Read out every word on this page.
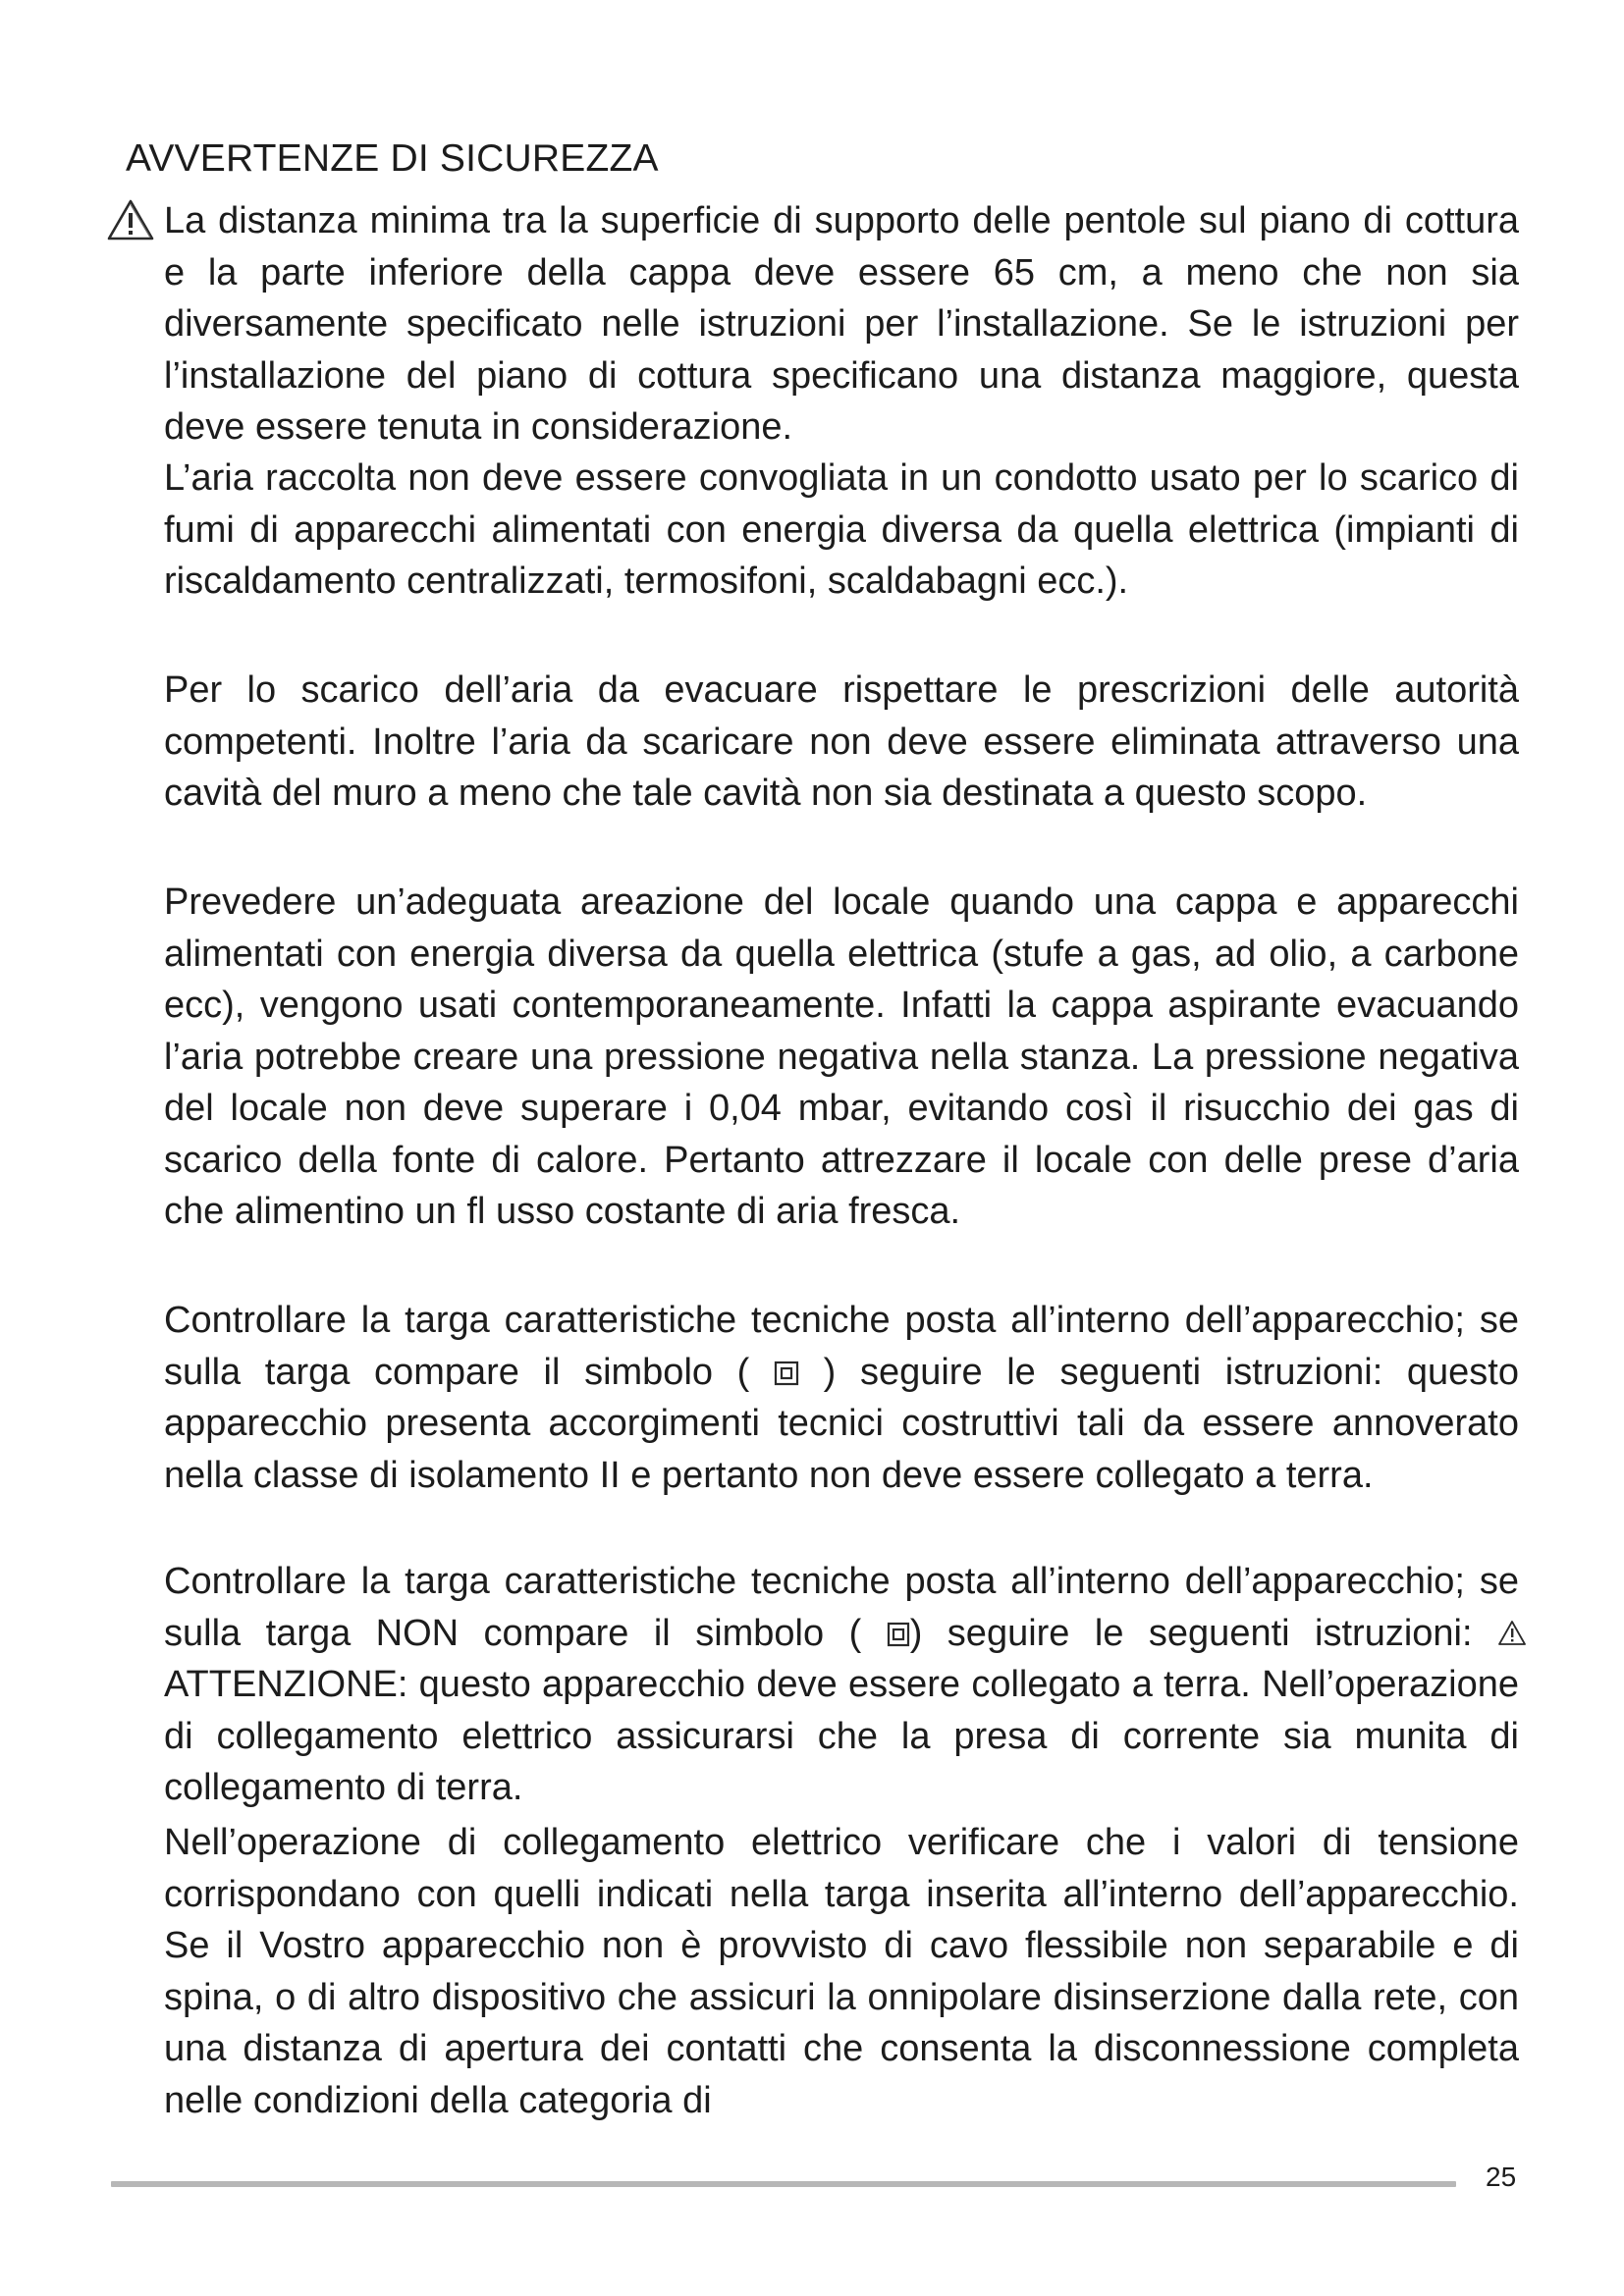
AVVERTENZE DI SICUREZZA

La distanza minima tra la superficie di supporto delle pentole sul piano di cottura e la parte inferiore della cappa deve essere 65 cm, a meno che non sia diversamente specificato nelle istruzioni per l’installazione. Se le istruzioni per l’installazione del piano di cottura specificano una distanza maggiore, questa deve essere tenuta in considerazione.

L’aria raccolta non deve essere convogliata in un condotto usato per lo scarico di fumi di apparecchi alimentati con energia diversa da quella elettrica (impianti di riscaldamento centralizzati, termosifoni, scaldabagni ecc.).

Per lo scarico dell’aria da evacuare rispettare le prescrizioni delle autorità competenti. Inoltre l’aria da scaricare non deve essere eliminata attraverso una cavità del muro a meno che tale cavità non sia destinata a questo scopo.

Prevedere un’adeguata areazione del locale quando una cappa e apparecchi alimentati con energia diversa da quella elettrica (stufe a gas, ad olio, a carbone ecc), vengono usati contemporaneamente. Infatti la cappa aspirante evacuando l’aria potrebbe creare una pressione negativa nella stanza. La pressione negativa del locale non deve superare i 0,04 mbar, evitando così il risucchio dei gas di scarico della fonte di calore. Pertanto attrezzare il locale con delle prese d’aria che alimentino un fl usso costante di aria fresca.

Controllare la targa caratteristiche tecniche posta all’interno dell’apparecchio; se sulla targa compare il simbolo ( ) seguire le seguenti istruzioni: questo apparecchio presenta accorgimenti tecnici costruttivi tali da essere annoverato nella classe di isolamento II e pertanto non deve essere collegato a terra.

Controllare la targa caratteristiche tecniche posta all’interno dell’apparecchio; se sulla targa NON compare il simbolo ( ) seguire le seguenti istruzioni: ATTENZIONE: questo apparecchio deve essere collegato a terra. Nell’operazione di collegamento elettrico assicurarsi che la presa di corrente sia munita di collegamento di terra.

Nell’operazione di collegamento elettrico verificare che i valori di tensione corrispondano con quelli indicati nella targa inserita all’interno dell’apparecchio. Se il Vostro apparecchio non è provvisto di cavo flessibile non separabile e di spina, o di altro dispositivo che assicuri la onnipolare disinserzione dalla rete, con una distanza di apertura dei contatti che consenta la disconnessione completa nelle condizioni della categoria di

25
